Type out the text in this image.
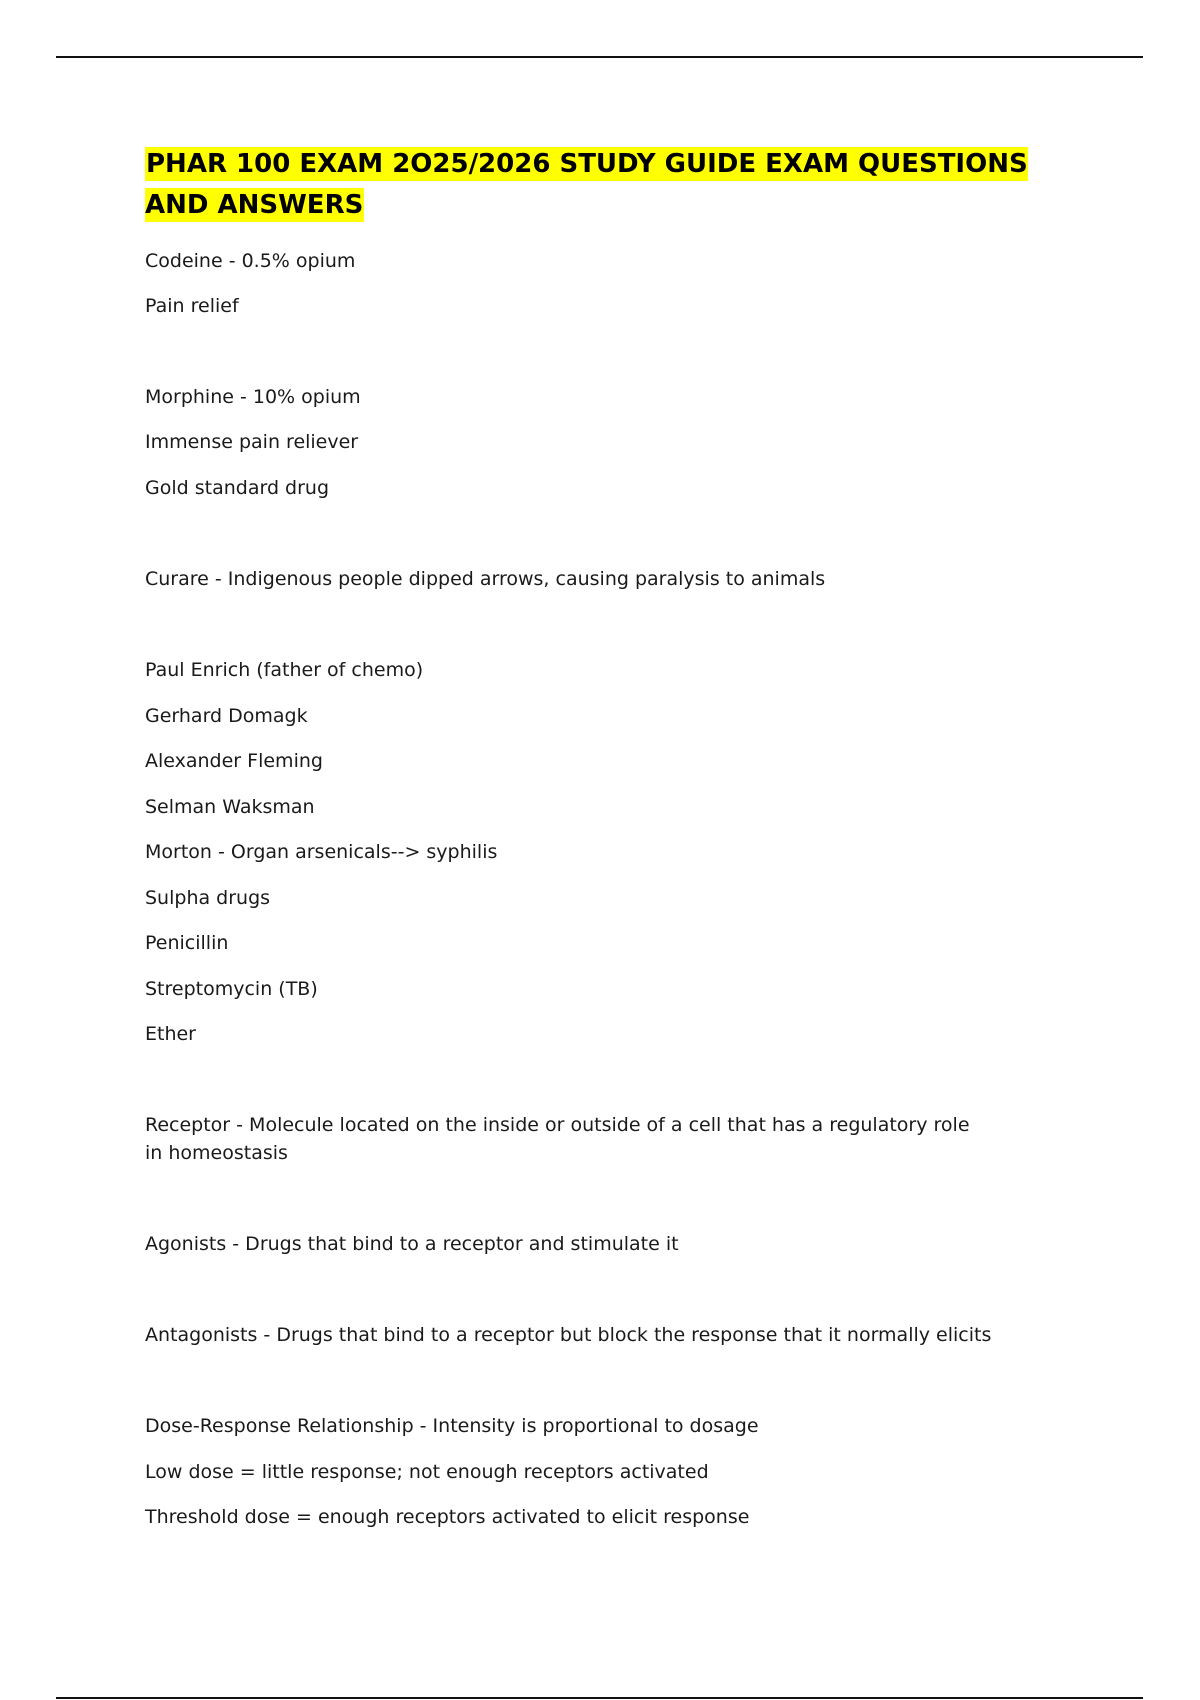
PHAR 100 EXAM 2O25/2026 STUDY GUIDE EXAM QUESTIONS AND ANSWERS

Codeine - 0.5% opium

Pain relief

Morphine - 10% opium

Immense pain reliever

Gold standard drug

Curare - Indigenous people dipped arrows, causing paralysis to animals

Paul Enrich (father of chemo)

Gerhard Domagk

Alexander Fleming

Selman Waksman

Morton - Organ arsenicals--> syphilis

Sulpha drugs

Penicillin

Streptomycin (TB)

Ether

Receptor - Molecule located on the inside or outside of a cell that has a regulatory role in homeostasis

Agonists - Drugs that bind to a receptor and stimulate it

Antagonists - Drugs that bind to a receptor but block the response that it normally elicits

Dose-Response Relationship - Intensity is proportional to dosage

Low dose = little response; not enough receptors activated

Threshold dose = enough receptors activated to elicit response
